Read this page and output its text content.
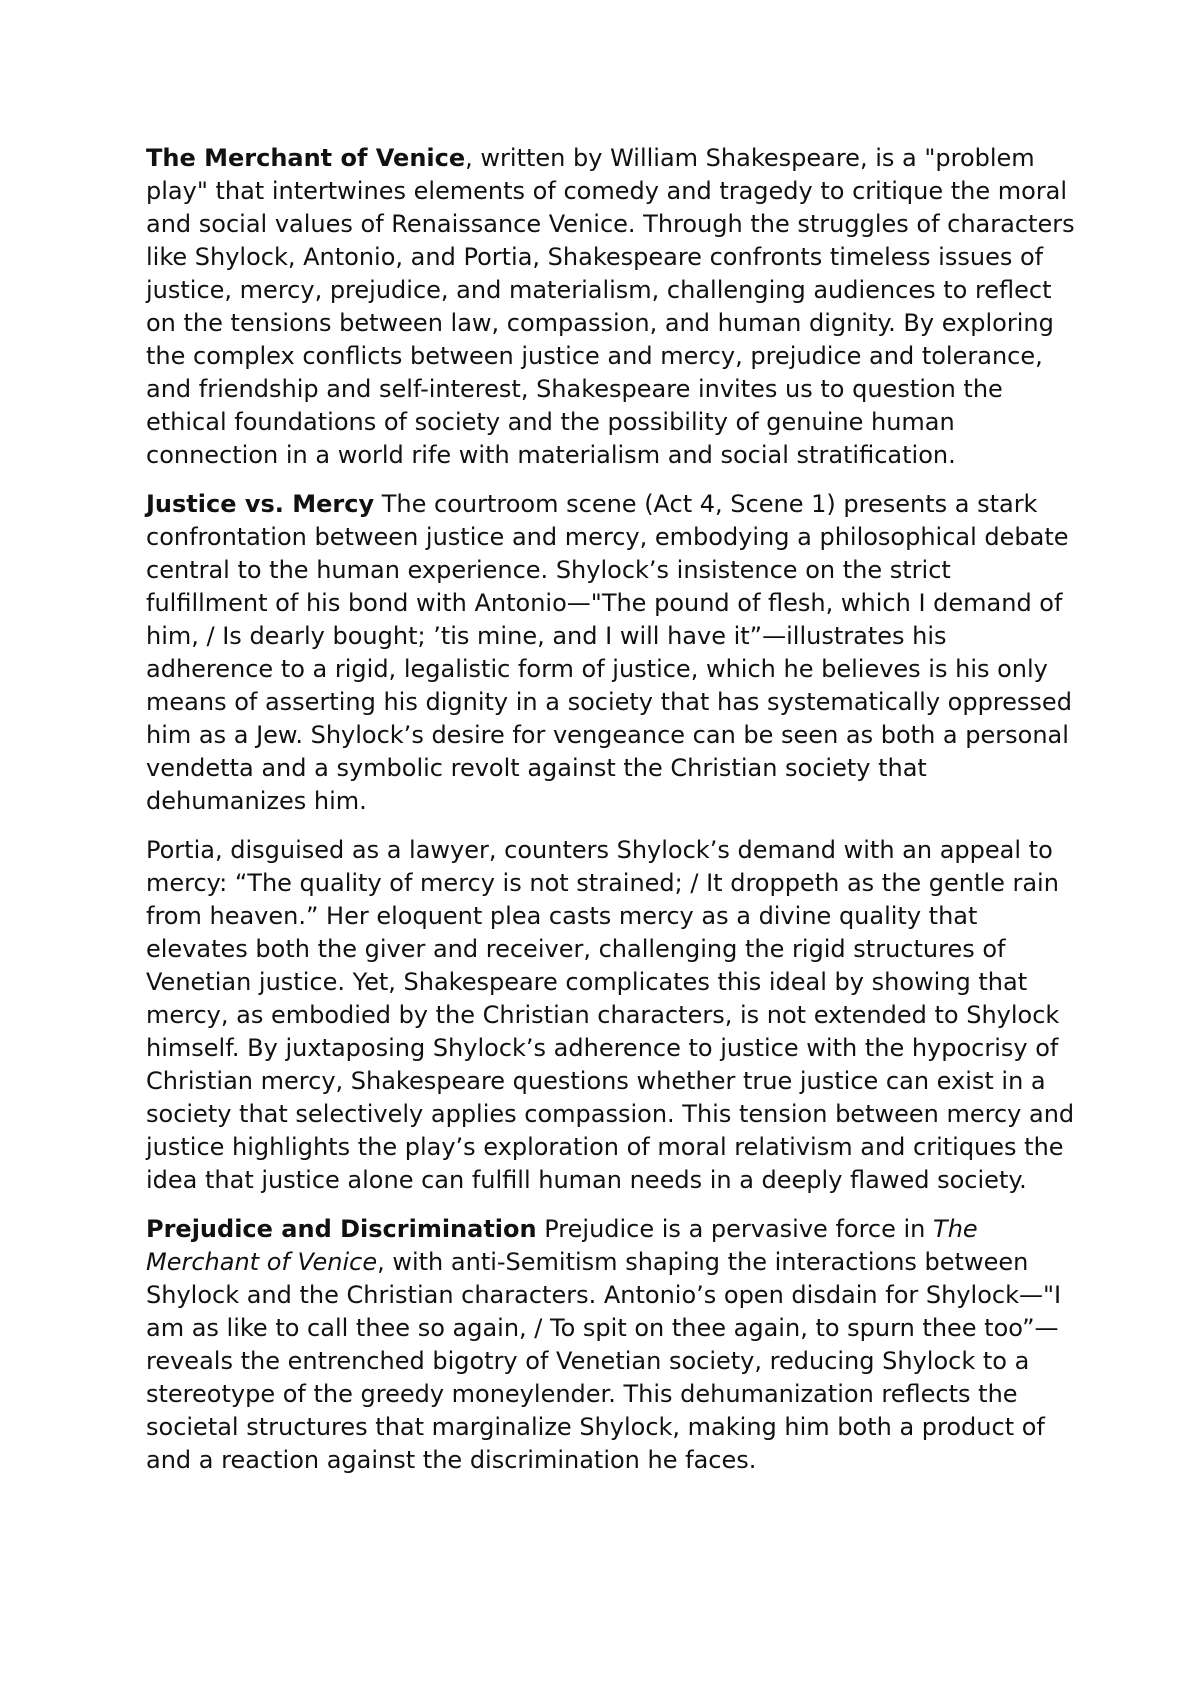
The Merchant of Venice, written by William Shakespeare, is a "problem play" that intertwines elements of comedy and tragedy to critique the moral and social values of Renaissance Venice. Through the struggles of characters like Shylock, Antonio, and Portia, Shakespeare confronts timeless issues of justice, mercy, prejudice, and materialism, challenging audiences to reflect on the tensions between law, compassion, and human dignity. By exploring the complex conflicts between justice and mercy, prejudice and tolerance, and friendship and self-interest, Shakespeare invites us to question the ethical foundations of society and the possibility of genuine human connection in a world rife with materialism and social stratification.

Justice vs. Mercy The courtroom scene (Act 4, Scene 1) presents a stark confrontation between justice and mercy, embodying a philosophical debate central to the human experience. Shylock’s insistence on the strict fulfillment of his bond with Antonio—"The pound of flesh, which I demand of him, / Is dearly bought; ’tis mine, and I will have it”—illustrates his adherence to a rigid, legalistic form of justice, which he believes is his only means of asserting his dignity in a society that has systematically oppressed him as a Jew. Shylock’s desire for vengeance can be seen as both a personal vendetta and a symbolic revolt against the Christian society that dehumanizes him.

Portia, disguised as a lawyer, counters Shylock’s demand with an appeal to mercy: “The quality of mercy is not strained; / It droppeth as the gentle rain from heaven.” Her eloquent plea casts mercy as a divine quality that elevates both the giver and receiver, challenging the rigid structures of Venetian justice. Yet, Shakespeare complicates this ideal by showing that mercy, as embodied by the Christian characters, is not extended to Shylock himself. By juxtaposing Shylock’s adherence to justice with the hypocrisy of Christian mercy, Shakespeare questions whether true justice can exist in a society that selectively applies compassion. This tension between mercy and justice highlights the play’s exploration of moral relativism and critiques the idea that justice alone can fulfill human needs in a deeply flawed society.

Prejudice and Discrimination Prejudice is a pervasive force in The Merchant of Venice, with anti-Semitism shaping the interactions between Shylock and the Christian characters. Antonio’s open disdain for Shylock—"I am as like to call thee so again, / To spit on thee again, to spurn thee too”—reveals the entrenched bigotry of Venetian society, reducing Shylock to a stereotype of the greedy moneylender. This dehumanization reflects the societal structures that marginalize Shylock, making him both a product of and a reaction against the discrimination he faces.
